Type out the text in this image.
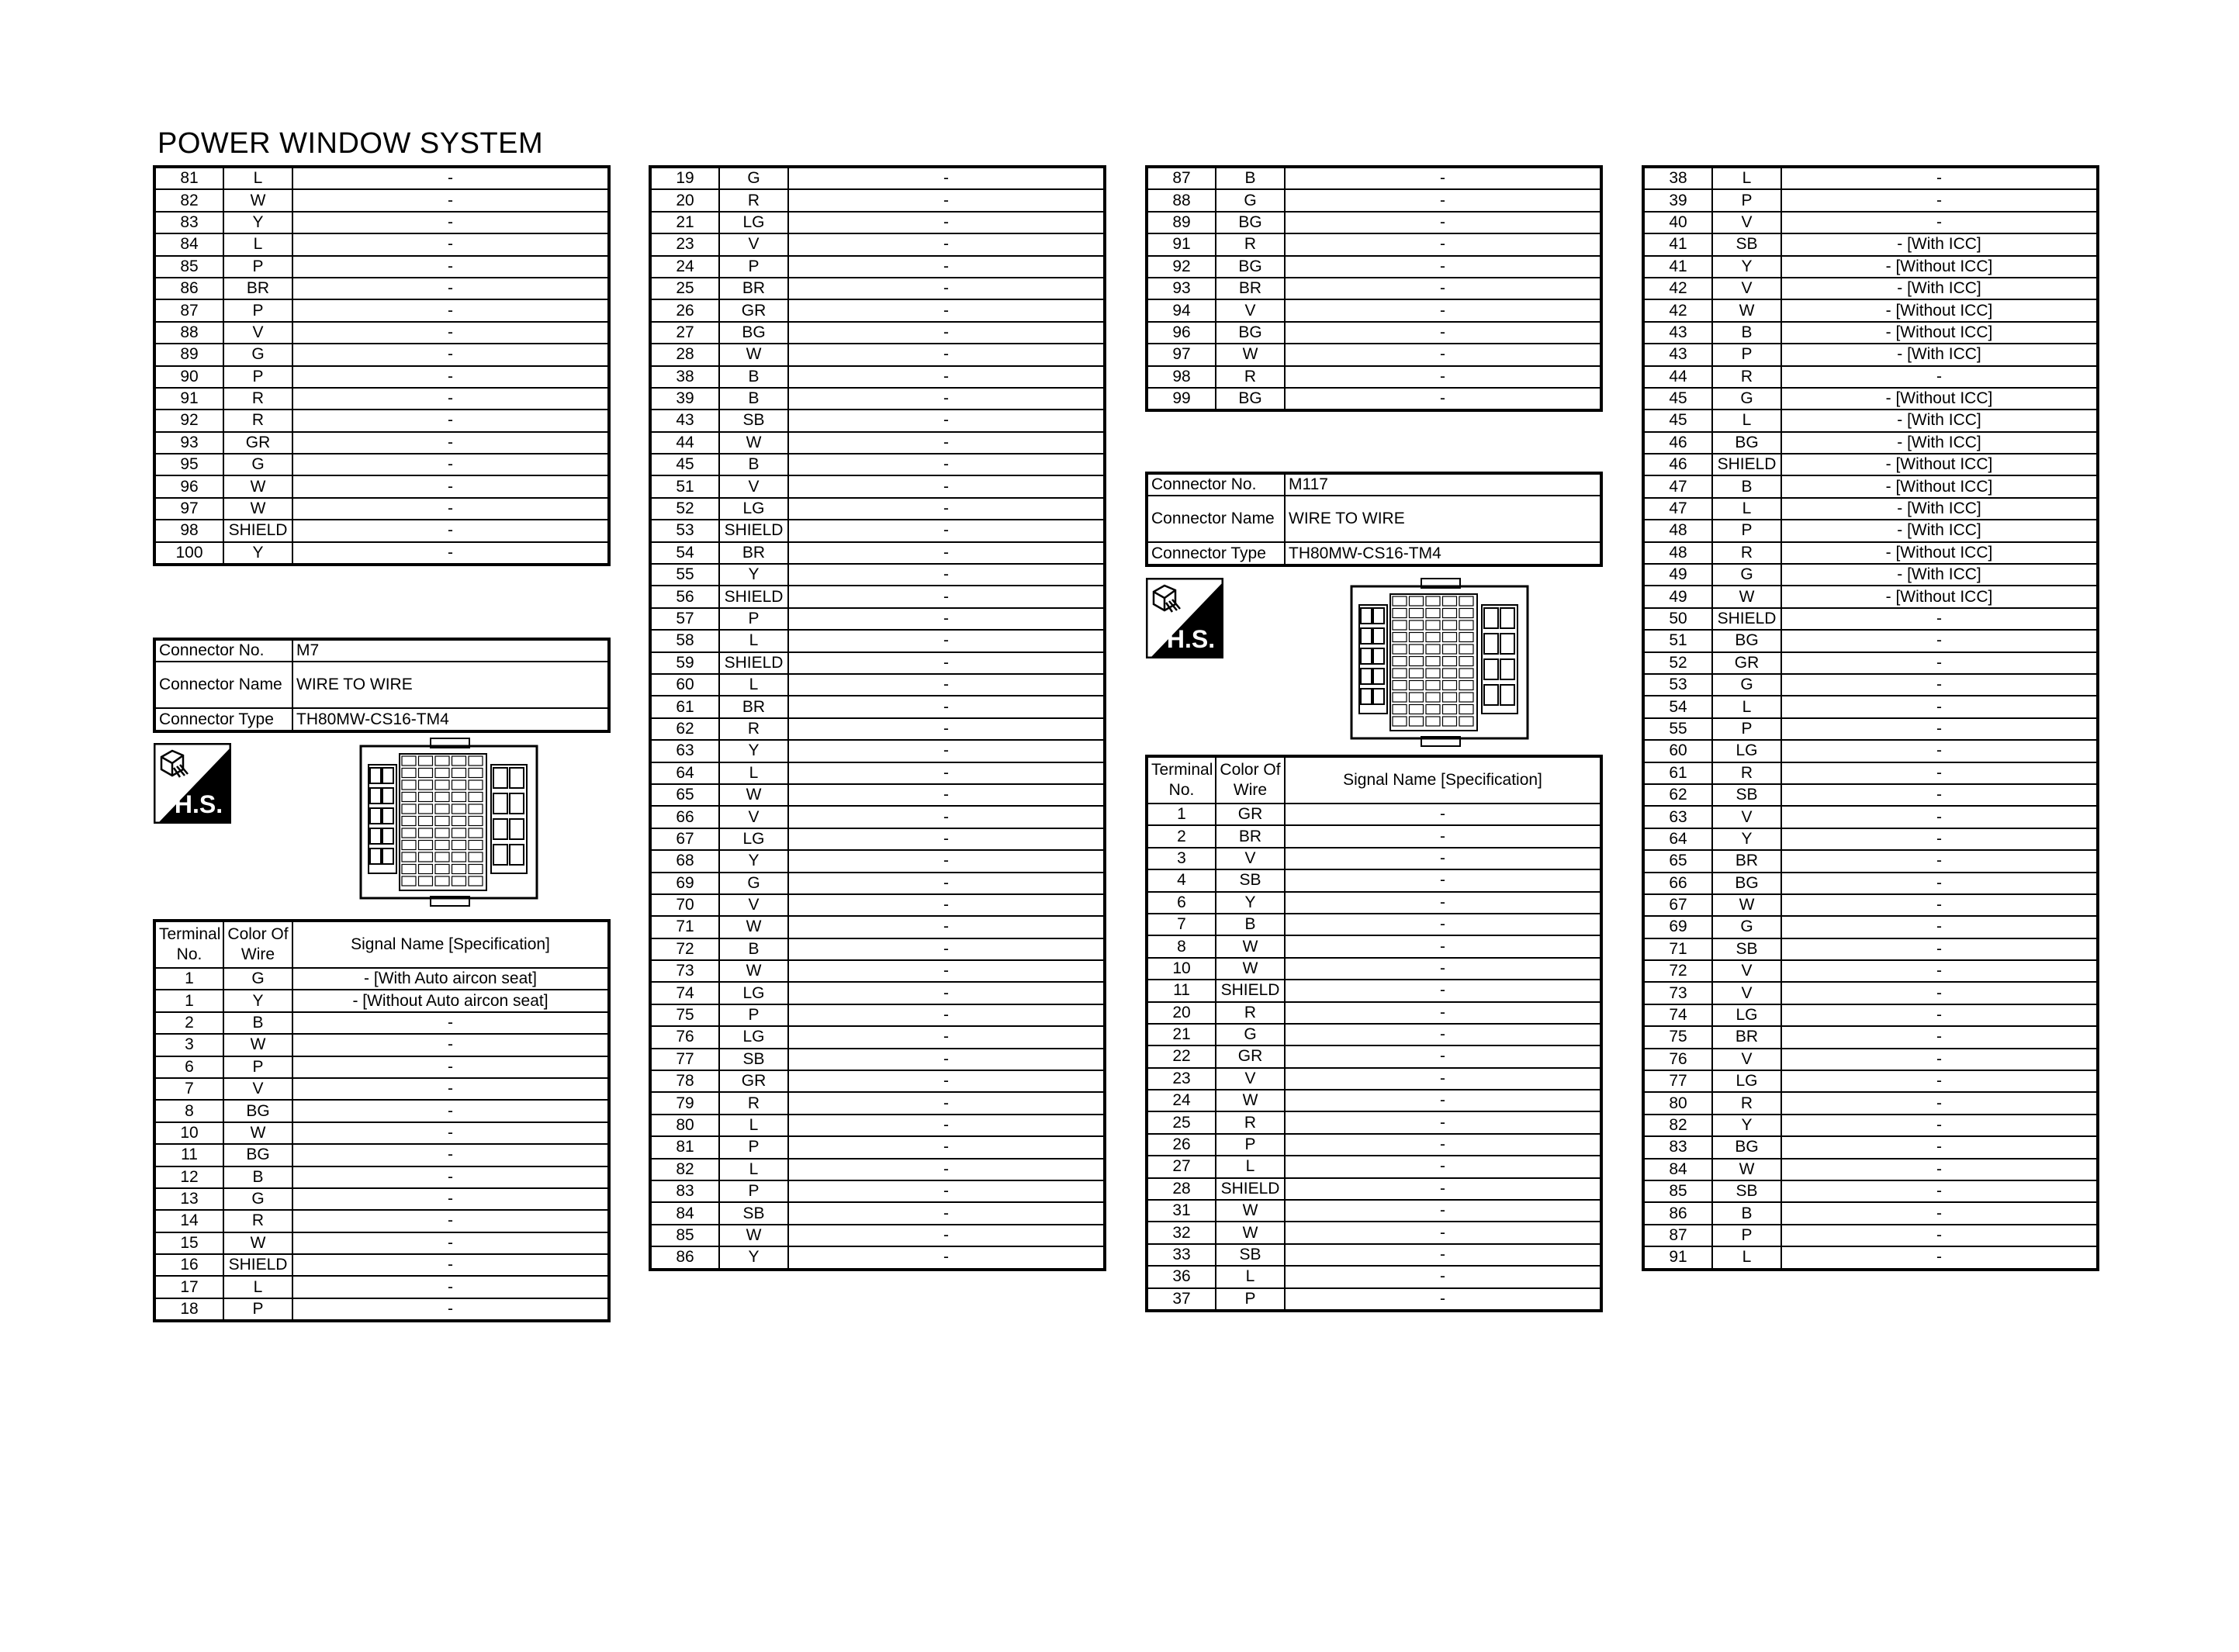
POWER WINDOW SYSTEM
81	L	-
82	W	-
83	Y	-
84	L	-
85	P	-
86	BR	-
87	P	-
88	V	-
89	G	-
90	P	-
91	R	-
92	R	-
93	GR	-
95	G	-
96	W	-
97	W	-
98	SHIELD	-
100	Y	-
Connector No.	M7
Connector Name	WIRE TO WIRE
Connector Type	TH80MW-CS16-TM4
H.S.
Terminal No.	Color Of Wire	Signal Name [Specification]
1	G	- [With Auto aircon seat]
1	Y	- [Without Auto aircon seat]
2	B	-
3	W	-
6	P	-
7	V	-
8	BG	-
10	W	-
11	BG	-
12	B	-
13	G	-
14	R	-
15	W	-
16	SHIELD	-
17	L	-
18	P	-
19	G	-
20	R	-
21	LG	-
23	V	-
24	P	-
25	BR	-
26	GR	-
27	BG	-
28	W	-
38	B	-
39	B	-
43	SB	-
44	W	-
45	B	-
51	V	-
52	LG	-
53	SHIELD	-
54	BR	-
55	Y	-
56	SHIELD	-
57	P	-
58	L	-
59	SHIELD	-
60	L	-
61	BR	-
62	R	-
63	Y	-
64	L	-
65	W	-
66	V	-
67	LG	-
68	Y	-
69	G	-
70	V	-
71	W	-
72	B	-
73	W	-
74	LG	-
75	P	-
76	LG	-
77	SB	-
78	GR	-
79	R	-
80	L	-
81	P	-
82	L	-
83	P	-
84	SB	-
85	W	-
86	Y	-
87	B	-
88	G	-
89	BG	-
91	R	-
92	BG	-
93	BR	-
94	V	-
96	BG	-
97	W	-
98	R	-
99	BG	-
Connector No.	M117
Connector Name	WIRE TO WIRE
Connector Type	TH80MW-CS16-TM4
H.S.
Terminal No.	Color Of Wire	Signal Name [Specification]
1	GR	-
2	BR	-
3	V	-
4	SB	-
6	Y	-
7	B	-
8	W	-
10	W	-
11	SHIELD	-
20	R	-
21	G	-
22	GR	-
23	V	-
24	W	-
25	R	-
26	P	-
27	L	-
28	SHIELD	-
31	W	-
32	W	-
33	SB	-
36	L	-
37	P	-
38	L	-
39	P	-
40	V	-
41	SB	- [With ICC]
41	Y	- [Without ICC]
42	V	- [With ICC]
42	W	- [Without ICC]
43	B	- [Without ICC]
43	P	- [With ICC]
44	R	-
45	G	- [Without ICC]
45	L	- [With ICC]
46	BG	- [With ICC]
46	SHIELD	- [Without ICC]
47	B	- [Without ICC]
47	L	- [With ICC]
48	P	- [With ICC]
48	R	- [Without ICC]
49	G	- [With ICC]
49	W	- [Without ICC]
50	SHIELD	-
51	BG	-
52	GR	-
53	G	-
54	L	-
55	P	-
60	LG	-
61	R	-
62	SB	-
63	V	-
64	Y	-
65	BR	-
66	BG	-
67	W	-
69	G	-
71	SB	-
72	V	-
73	V	-
74	LG	-
75	BR	-
76	V	-
77	LG	-
80	R	-
82	Y	-
83	BG	-
84	W	-
85	SB	-
86	B	-
87	P	-
91	L	-
